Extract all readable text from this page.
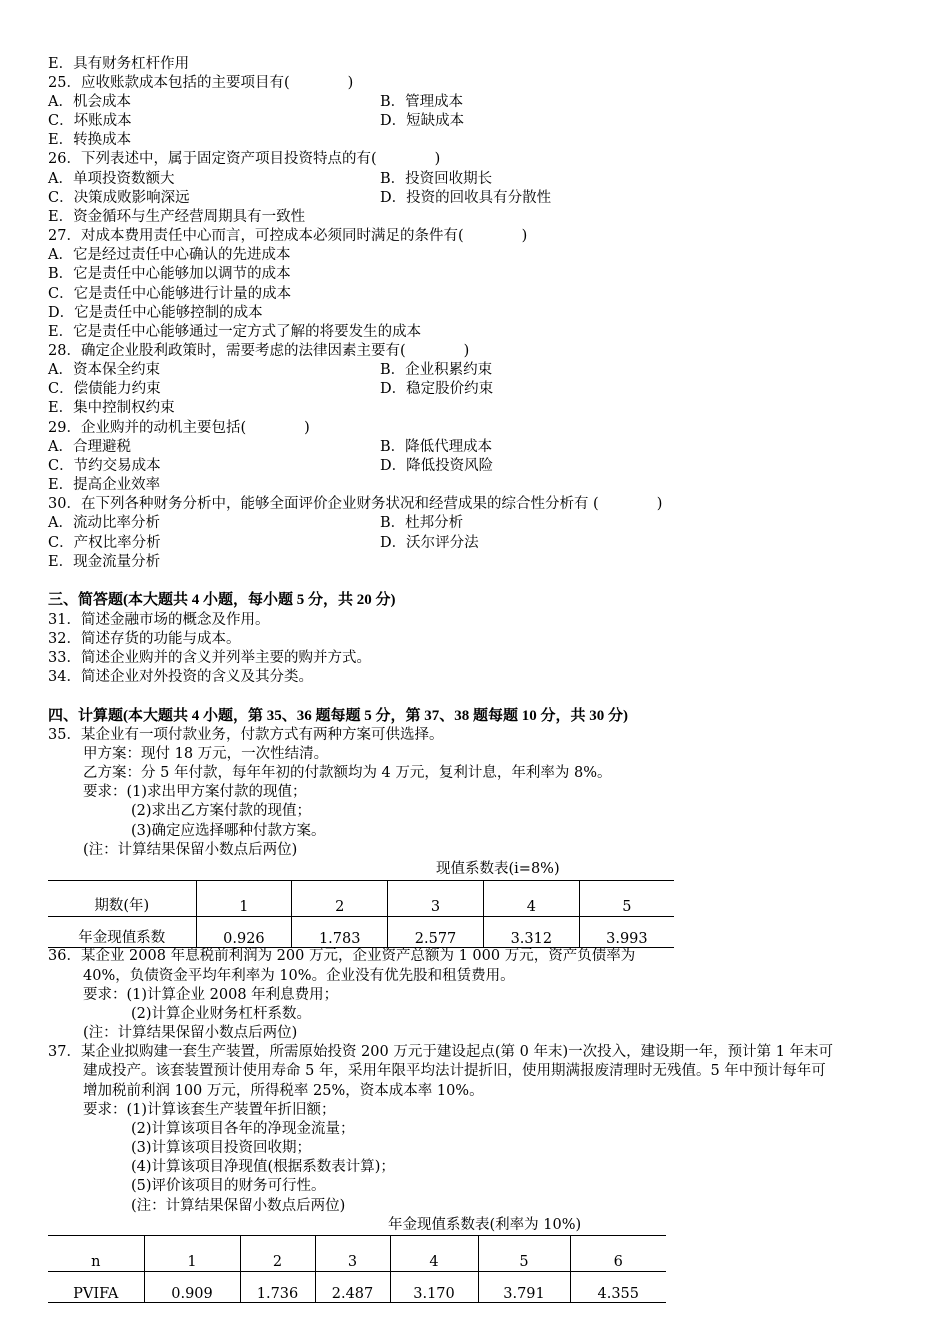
E．具有财务杠杆作用
25．应收账款成本包括的主要项目有(　　　　)
A．机会成本	B．管理成本
C．坏账成本	D．短缺成本
E．转换成本
26．下列表述中，属于固定资产项目投资特点的有(　　　　)
A．单项投资数额大	B．投资回收期长
C．决策成败影响深远	D．投资的回收具有分散性
E．资金循环与生产经营周期具有一致性
27．对成本费用责任中心而言，可控成本必须同时满足的条件有(　　　　)
A．它是经过责任中心确认的先进成本
B．它是责任中心能够加以调节的成本
C．它是责任中心能够进行计量的成本
D．它是责任中心能够控制的成本
E．它是责任中心能够通过一定方式了解的将要发生的成本
28．确定企业股利政策时，需要考虑的法律因素主要有(　　　　)
A．资本保全约束	B．企业积累约束
C．偿债能力约束	D．稳定股价约束
E．集中控制权约束
29．企业购并的动机主要包括(　　　　)
A．合理避税	B．降低代理成本
C．节约交易成本	D．降低投资风险
E．提高企业效率
30．在下列各种财务分析中，能够全面评价企业财务状况和经营成果的综合性分析有 (　　　　)
A．流动比率分析	B．杜邦分析
C．产权比率分析	D．沃尔评分法
E．现金流量分析
三、简答题(本大题共 4 小题，每小题 5 分，共 20 分)
31．简述金融市场的概念及作用。
32．简述存货的功能与成本。
33．简述企业购并的含义并列举主要的购并方式。
34．简述企业对外投资的含义及其分类。
四、计算题(本大题共 4 小题，第 35、36 题每题 5 分，第 37、38 题每题 10 分，共 30 分)
35．某企业有一项付款业务，付款方式有两种方案可供选择。
甲方案：现付 18 万元，一次性结清。
乙方案：分 5 年付款，每年年初的付款额均为 4 万元，复利计息，年利率为 8%。
要求：(1)求出甲方案付款的现值；
(2)求出乙方案付款的现值；
(3)确定应选择哪种付款方案。
(注：计算结果保留小数点后两位)
现值系数表(i=8%)
期数(年)	1	2	3	4	5
年金现值系数	0.926	1.783	2.577	3.312	3.993
36．某企业 2008 年息税前利润为 200 万元，企业资产总额为 1 000 万元，资产负债率为
40%，负债资金平均年利率为 10%。企业没有优先股和租赁费用。
要求：(1)计算企业 2008 年利息费用；
(2)计算企业财务杠杆系数。
(注：计算结果保留小数点后两位)
37．某企业拟购建一套生产装置，所需原始投资 200 万元于建设起点(第 0 年末)一次投入，建设期一年，预计第 1 年末可
建成投产。该套装置预计使用寿命 5 年，采用年限平均法计提折旧，使用期满报废清理时无残值。5 年中预计每年可
增加税前利润 100 万元，所得税率 25%，资本成本率 10%。
要求：(1)计算该套生产装置年折旧额；
(2)计算该项目各年的净现金流量；
(3)计算该项目投资回收期；
(4)计算该项目净现值(根据系数表计算)；
(5)评价该项目的财务可行性。
(注：计算结果保留小数点后两位)
年金现值系数表(利率为 10%)
n	1	2	3	4	5	6
PVIFA	0.909	1.736	2.487	3.170	3.791	4.355
